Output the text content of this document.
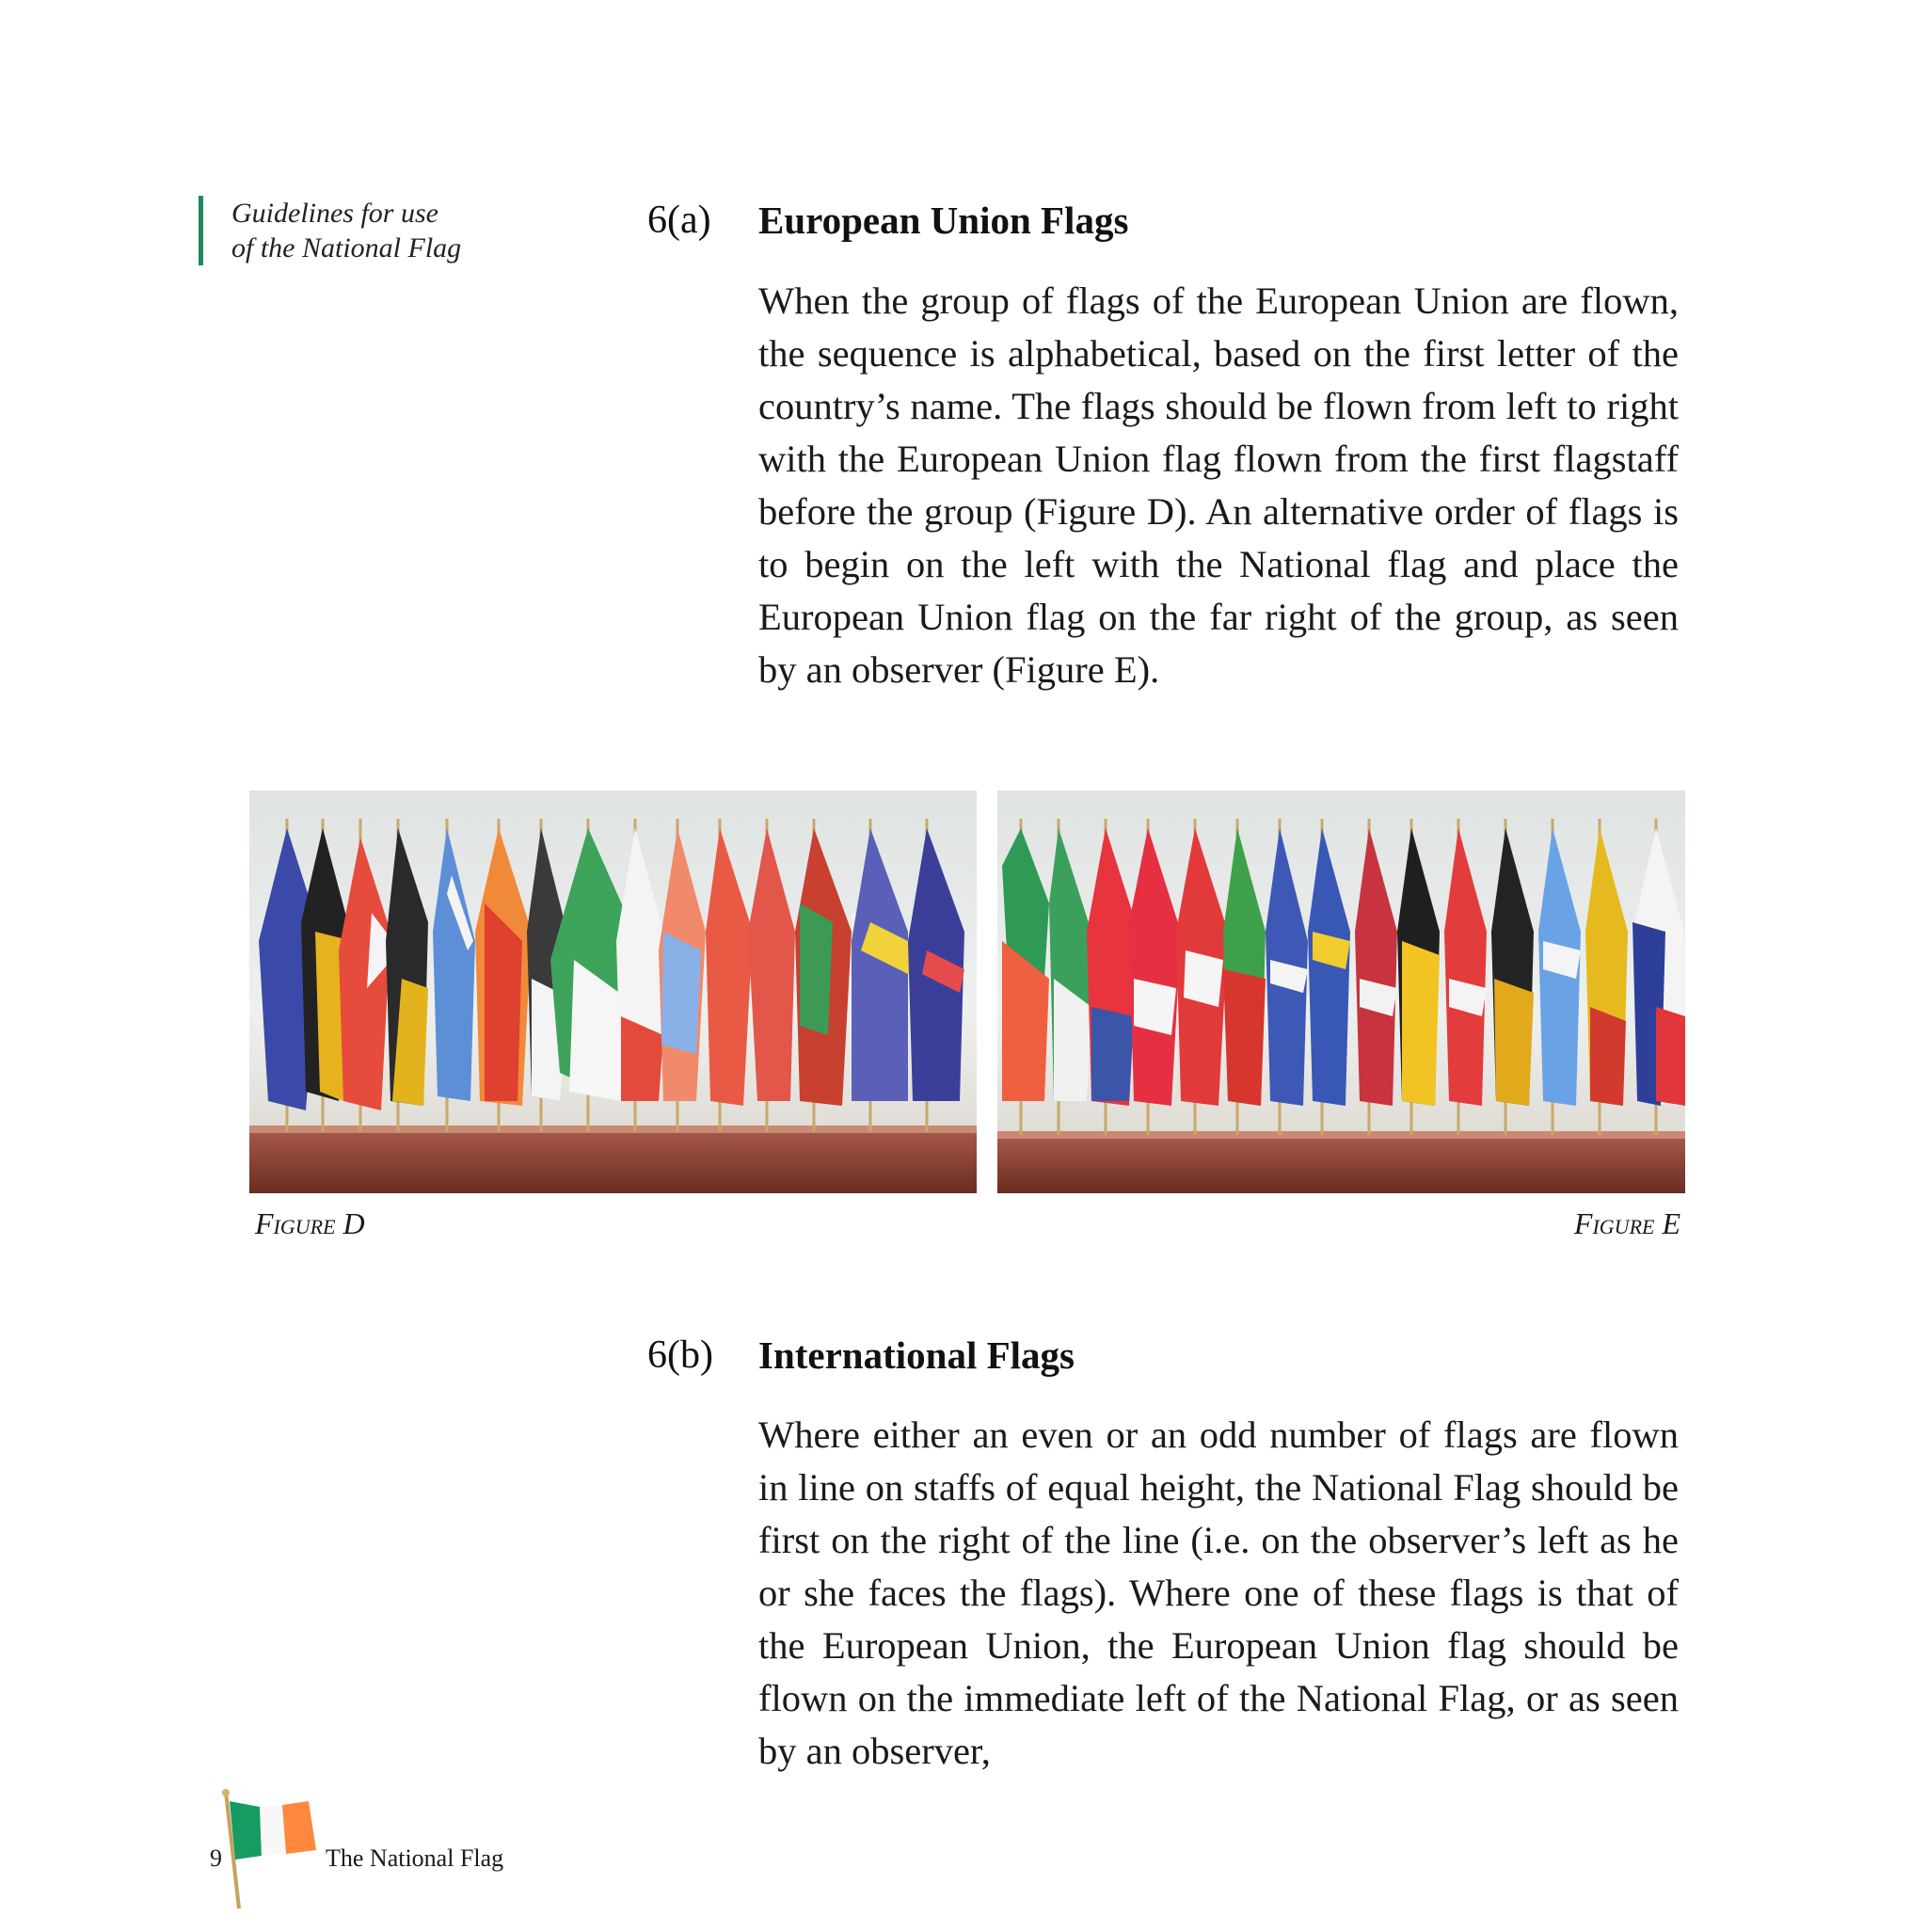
Guidelines for use
of the National Flag
6(a) European Union Flags

When the group of flags of the European Union are flown, the sequence is alphabetical, based on the first letter of the country’s name. The flags should be flown from left to right with the European Union flag flown from the first flagstaff before the group (Figure D). An alternative order of flags is to begin on the left with the National flag and place the European Union flag on the far right of the group, as seen by an observer (Figure E).

Figure D	Figure E
6(b) International Flags

Where either an even or an odd number of flags are flown in line on staffs of equal height, the National Flag should be first on the right of the line (i.e. on the observer’s left as he or she faces the flags). Where one of these flags is that of the European Union, the European Union flag should be flown on the immediate left of the National Flag, or as seen by an observer,

9	The National Flag
